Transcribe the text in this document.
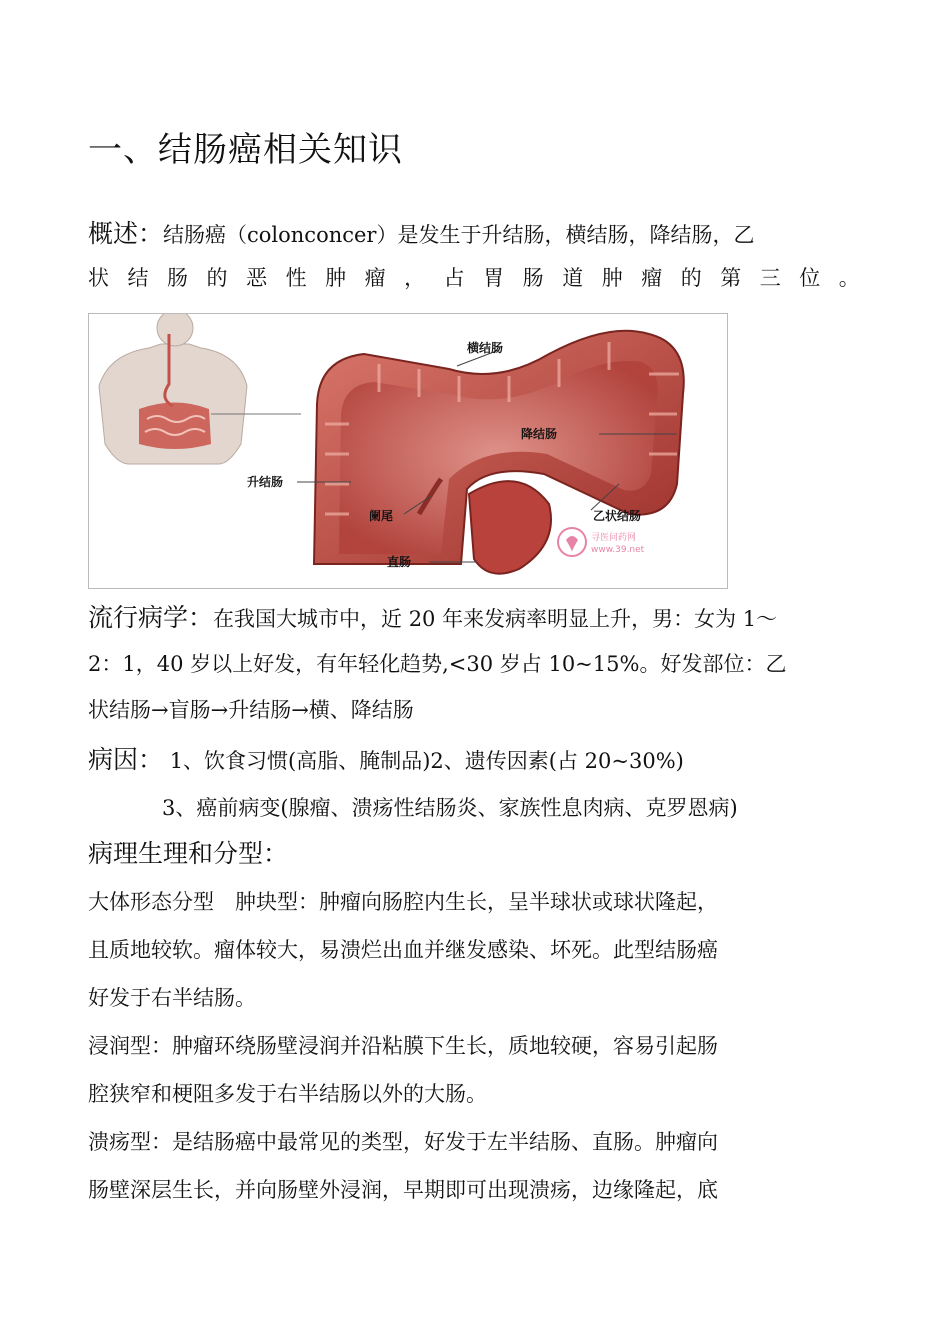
一、结肠癌相关知识
概述：结肠癌（colonconcer）是发生于升结肠，横结肠，降结肠，乙
状 结 肠 的 恶 性 肿 瘤 ， 占 胃 肠 道 肿 瘤 的 第 三 位 。
横结肠
降结肠
升结肠
阑尾	乙状结肠
直肠
寻医问药网
www.39.net
流行病学：在我国大城市中，近 20 年来发病率明显上升，男：女为 1～
2：1，40 岁以上好发，有年轻化趋势,<30 岁占 10~15%。好发部位：乙
状结肠→盲肠→升结肠→横、降结肠
病因： 1、饮食习惯(高脂、腌制品)2、遗传因素(占 20~30%)
3、癌前病变(腺瘤、溃疡性结肠炎、家族性息肉病、克罗恩病)
病理生理和分型：
大体形态分型　肿块型：肿瘤向肠腔内生长，呈半球状或球状隆起，
且质地较软。瘤体较大，易溃烂出血并继发感染、坏死。此型结肠癌
好发于右半结肠。
浸润型：肿瘤环绕肠壁浸润并沿粘膜下生长，质地较硬，容易引起肠
腔狭窄和梗阻多发于右半结肠以外的大肠。
溃疡型：是结肠癌中最常见的类型，好发于左半结肠、直肠。肿瘤向
肠壁深层生长，并向肠壁外浸润，早期即可出现溃疡，边缘隆起，底
